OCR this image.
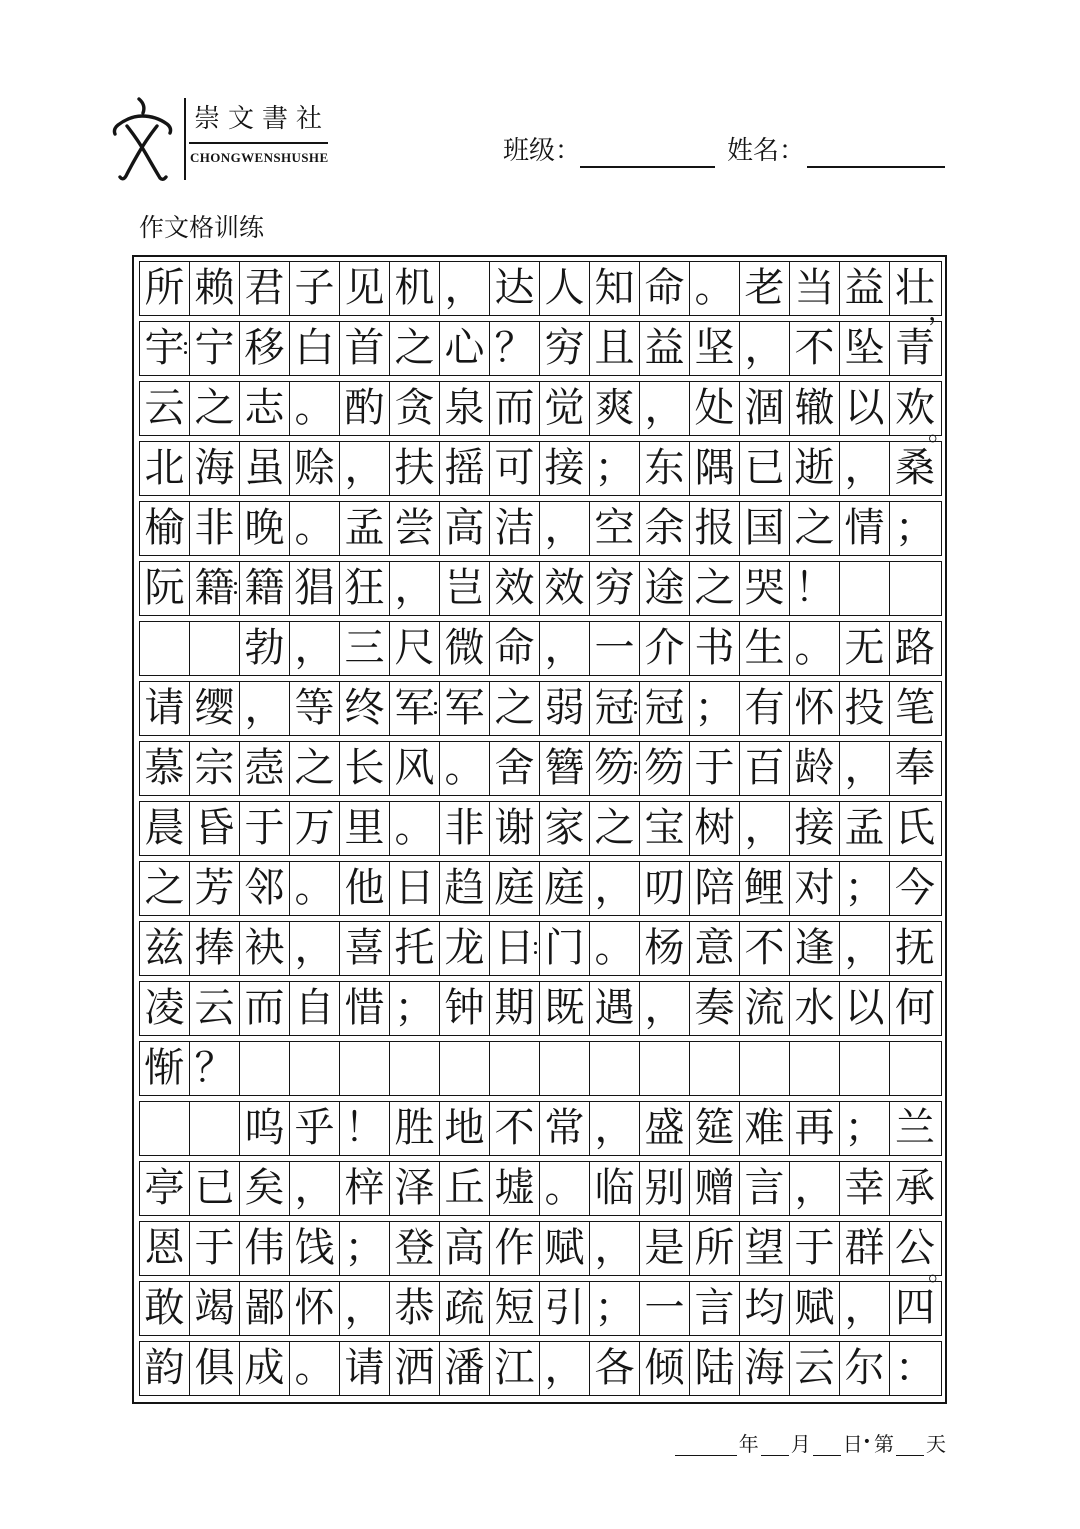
崇文書社
CHONGWENSHUSHE	班级：	姓名：
作文格训练
所 赖 君 子 见 机 ， 达 人 知 命 。 老 当 益 壮
，
宇 宁 移 白 首 之 心 ？ 穷 且 益 坚 ， 不 坠 青
云 之 志 。 酌 贪 泉 而 觉 爽 ， 处 涸 辙 以 欢
。
北 海 虽 赊 ， 扶 摇 可 接 ； 东 隅 已 逝 ， 桑
榆 非 晚 。 孟 尝 高 洁 ， 空 余 报 国 之 情 ；
阮 籍 籍 猖 狂 ， 岂 效 效 穷 途 之 哭 ！
勃 ， 三 尺 微 命 ， 一 介 书 生 。 无 路
请 缨 ， 等 终 军 军 之 弱 冠 冠 ； 有 怀 投 笔
慕 宗 悫 之 长 风 。 舍 簪 笏 笏 于 百 龄 ， 奉
晨 昏 于 万 里 。 非 谢 家 之 宝 树 ， 接 孟 氏
之 芳 邻 。 他 日 趋 庭 庭 ， 叨 陪 鲤 对 ； 今
兹 捧 袂 ， 喜 托 龙 日 门 。 杨 意 不 逢 ， 抚
凌 云 而 自 惜 ； 钟 期 既 遇 ， 奏 流 水 以 何
惭 ？
呜 乎 ！ 胜 地 不 常 ， 盛 筵 难 再 ； 兰
亭 已 矣 ， 梓 泽 丘 墟 。 临 别 赠 言 ， 幸 承
恩 于 伟 饯 ； 登 高 作 赋 ， 是 所 望 于 群 公
。
敢 竭 鄙 怀 ， 恭 疏 短 引 ； 一 言 均 赋 ， 四
韵 俱 成 。 请 洒 潘 江 ， 各 倾 陆 海 云 尔 ：
年 月 日 • 第 天
